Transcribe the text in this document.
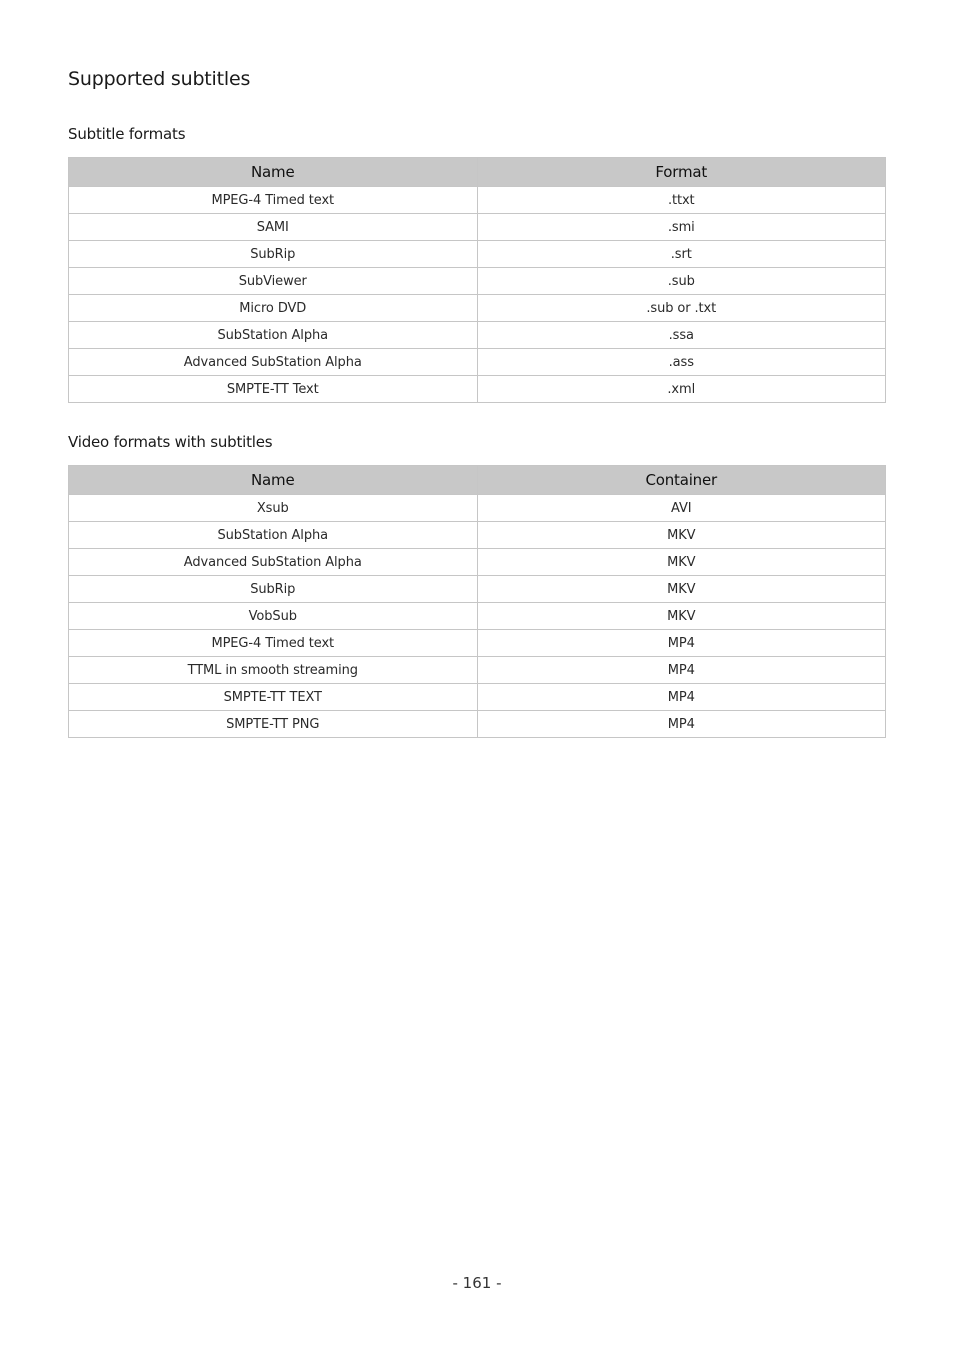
Supported subtitles
Subtitle formats
Name	Format
MPEG-4 Timed text	.ttxt
SAMI	.smi
SubRip	.srt
SubViewer	.sub
Micro DVD	.sub or .txt
SubStation Alpha	.ssa
Advanced SubStation Alpha	.ass
SMPTE-TT Text	.xml
Video formats with subtitles
Name	Container
Xsub	AVI
SubStation Alpha	MKV
Advanced SubStation Alpha	MKV
SubRip	MKV
VobSub	MKV
MPEG-4 Timed text	MP4
TTML in smooth streaming	MP4
SMPTE-TT TEXT	MP4
SMPTE-TT PNG	MP4
- 161 -
